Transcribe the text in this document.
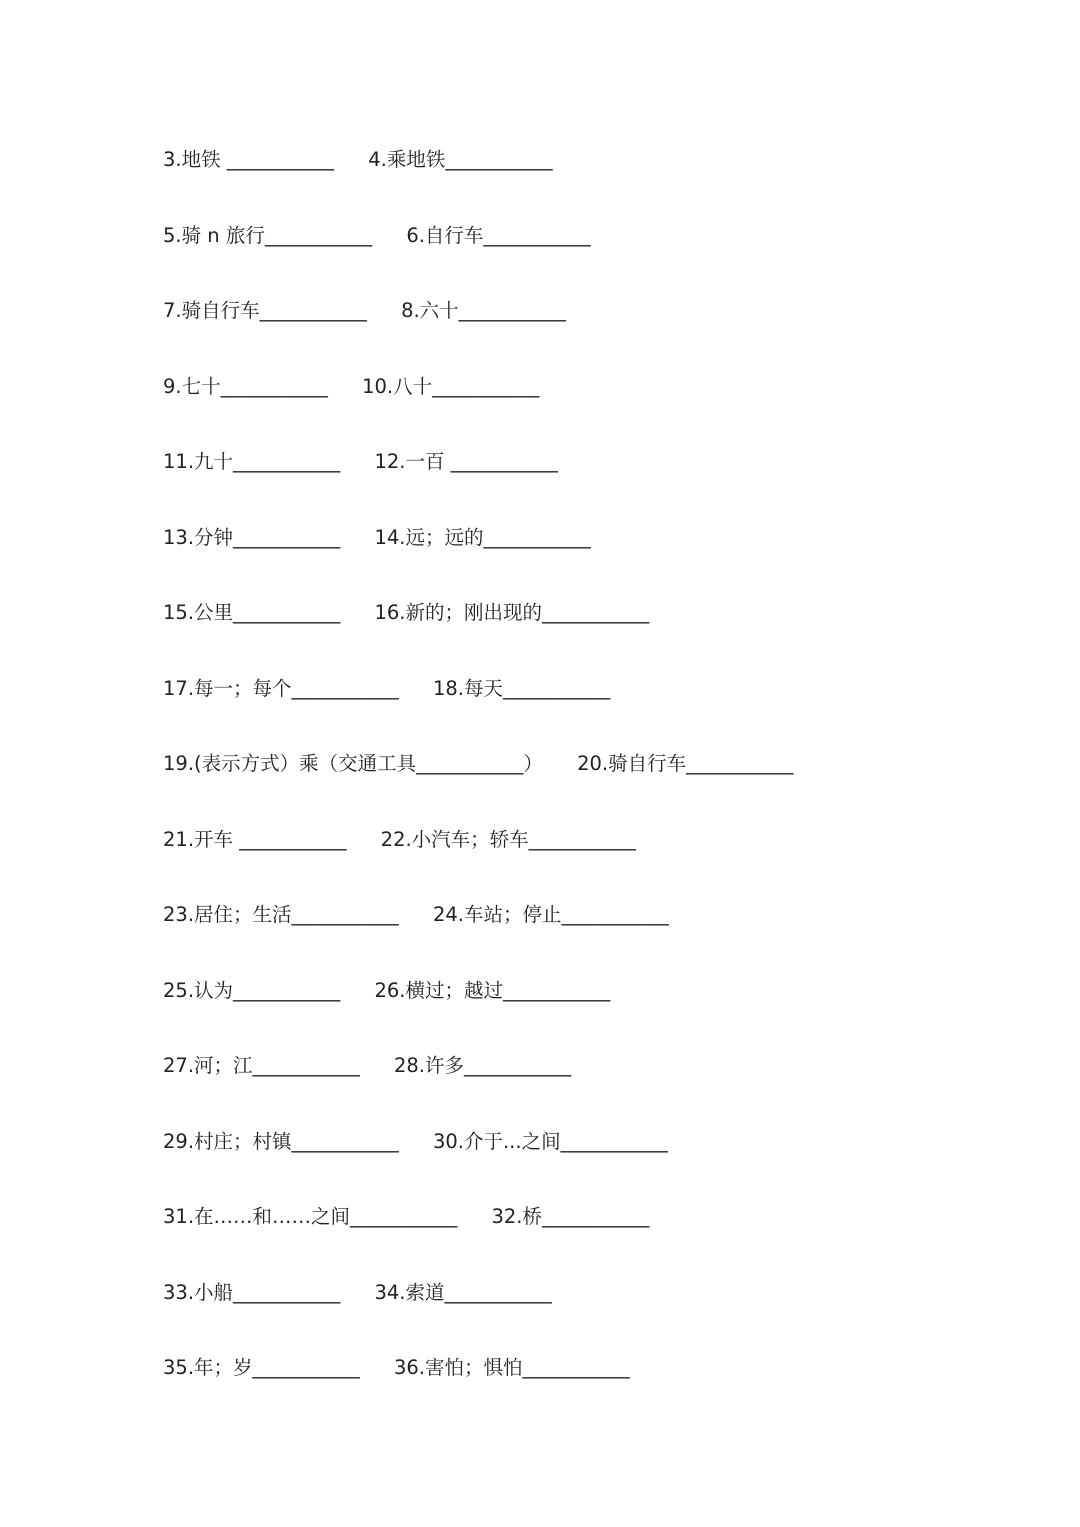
3.地铁 ___________ 4.乘地铁___________
5.骑 n 旅行___________ 6.自行车___________
7.骑自行车___________ 8.六十___________
9.七十___________ 10.八十___________
11.九十___________ 12.一百 ___________
13.分钟___________ 14.远；远的___________
15.公里___________ 16.新的；刚出现的___________
17.每一；每个___________ 18.每天___________
19.(表示方式）乘（交通工具___________） 20.骑自行车___________
21.开车 ___________ 22.小汽车；轿车___________
23.居住；生活___________ 24.车站；停止___________
25.认为___________ 26.横过；越过___________
27.河；江___________ 28.许多___________
29.村庄；村镇___________ 30.介于...之间___________
31.在……和……之间___________ 32.桥___________
33.小船___________ 34.索道___________
35.年；岁___________ 36.害怕；惧怕___________
